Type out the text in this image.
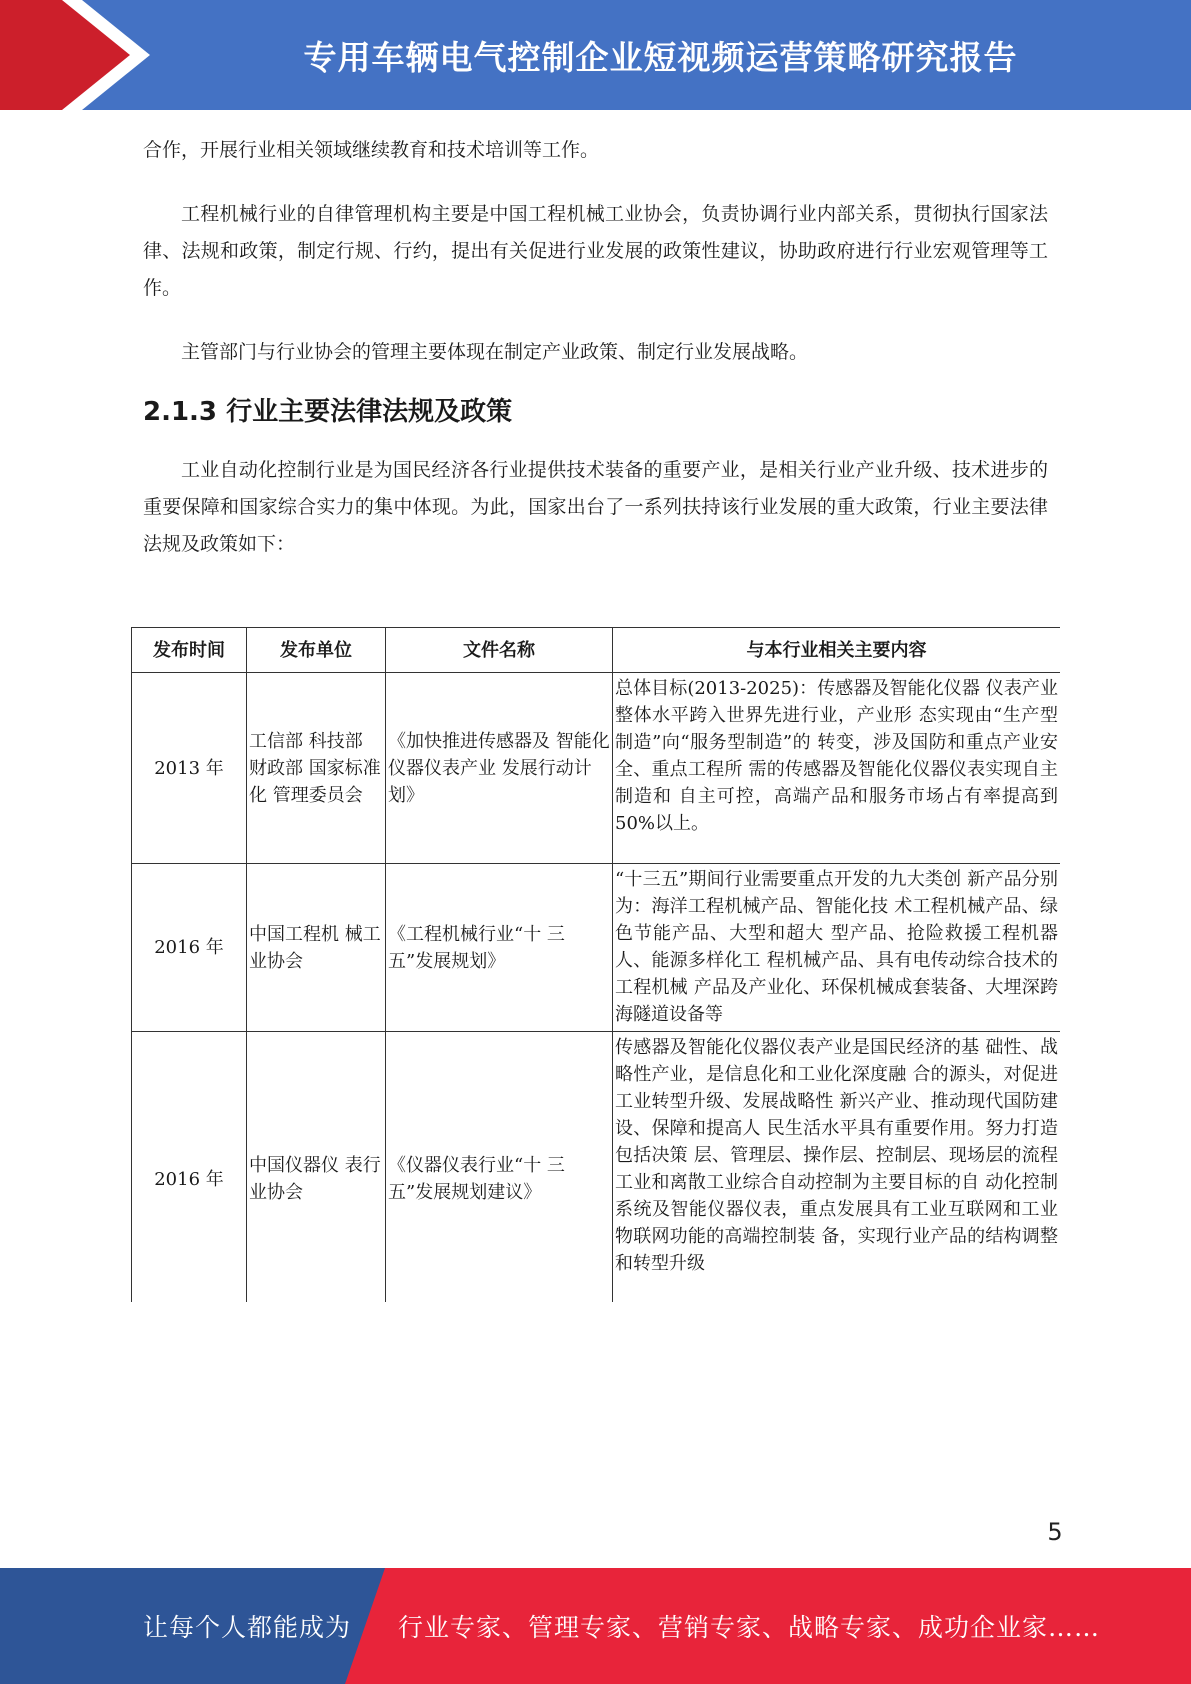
专用车辆电气控制企业短视频运营策略研究报告

合作，开展行业相关领域继续教育和技术培训等工作。

工程机械行业的自律管理机构主要是中国工程机械工业协会，负责协调行业内部关系，贯彻执行国家法律、法规和政策，制定行规、行约，提出有关促进行业发展的政策性建议，协助政府进行行业宏观管理等工作。

主管部门与行业协会的管理主要体现在制定产业政策、制定行业发展战略。

2.1.3 行业主要法律法规及政策

工业自动化控制行业是为国民经济各行业提供技术装备的重要产业，是相关行业产业升级、技术进步的重要保障和国家综合实力的集中体现。为此，国家出台了一系列扶持该行业发展的重大政策，行业主要法律法规及政策如下：

发布时间	发布单位	文件名称	与本行业相关主要内容
2013 年	工信部 科技部 财政部 国家标准化 管理委员会	《加快推进传感器及 智能化仪器仪表产业 发展行动计划》	总体目标(2013-2025)：传感器及智能化仪器 仪表产业整体水平跨入世界先进行业，产业形 态实现由“生产型制造”向“服务型制造”的 转变，涉及国防和重点产业安全、重点工程所 需的传感器及智能化仪器仪表实现自主制造和 自主可控，高端产品和服务市场占有率提高到 50%以上。
2016 年	中国工程机 械工业协会	《工程机械行业“十 三五”发展规划》	“十三五”期间行业需要重点开发的九大类创 新产品分别为：海洋工程机械产品、智能化技 术工程机械产品、绿色节能产品、大型和超大 型产品、抢险救援工程机器人、能源多样化工 程机械产品、具有电传动综合技术的工程机械 产品及产业化、环保机械成套装备、大埋深跨海隧道设备等
2016 年	中国仪器仪 表行业协会	《仪器仪表行业“十 三五”发展规划建议》	传感器及智能化仪器仪表产业是国民经济的基 础性、战略性产业，是信息化和工业化深度融 合的源头，对促进工业转型升级、发展战略性 新兴产业、推动现代国防建设、保障和提高人 民生活水平具有重要作用。努力打造包括决策 层、管理层、操作层、控制层、现场层的流程 工业和离散工业综合自动控制为主要目标的自 动化控制系统及智能仪器仪表，重点发展具有工业互联网和工业物联网功能的高端控制装 备，实现行业产品的结构调整和转型升级
5
让每个人都能成为 行业专家、管理专家、营销专家、战略专家、成功企业家……
